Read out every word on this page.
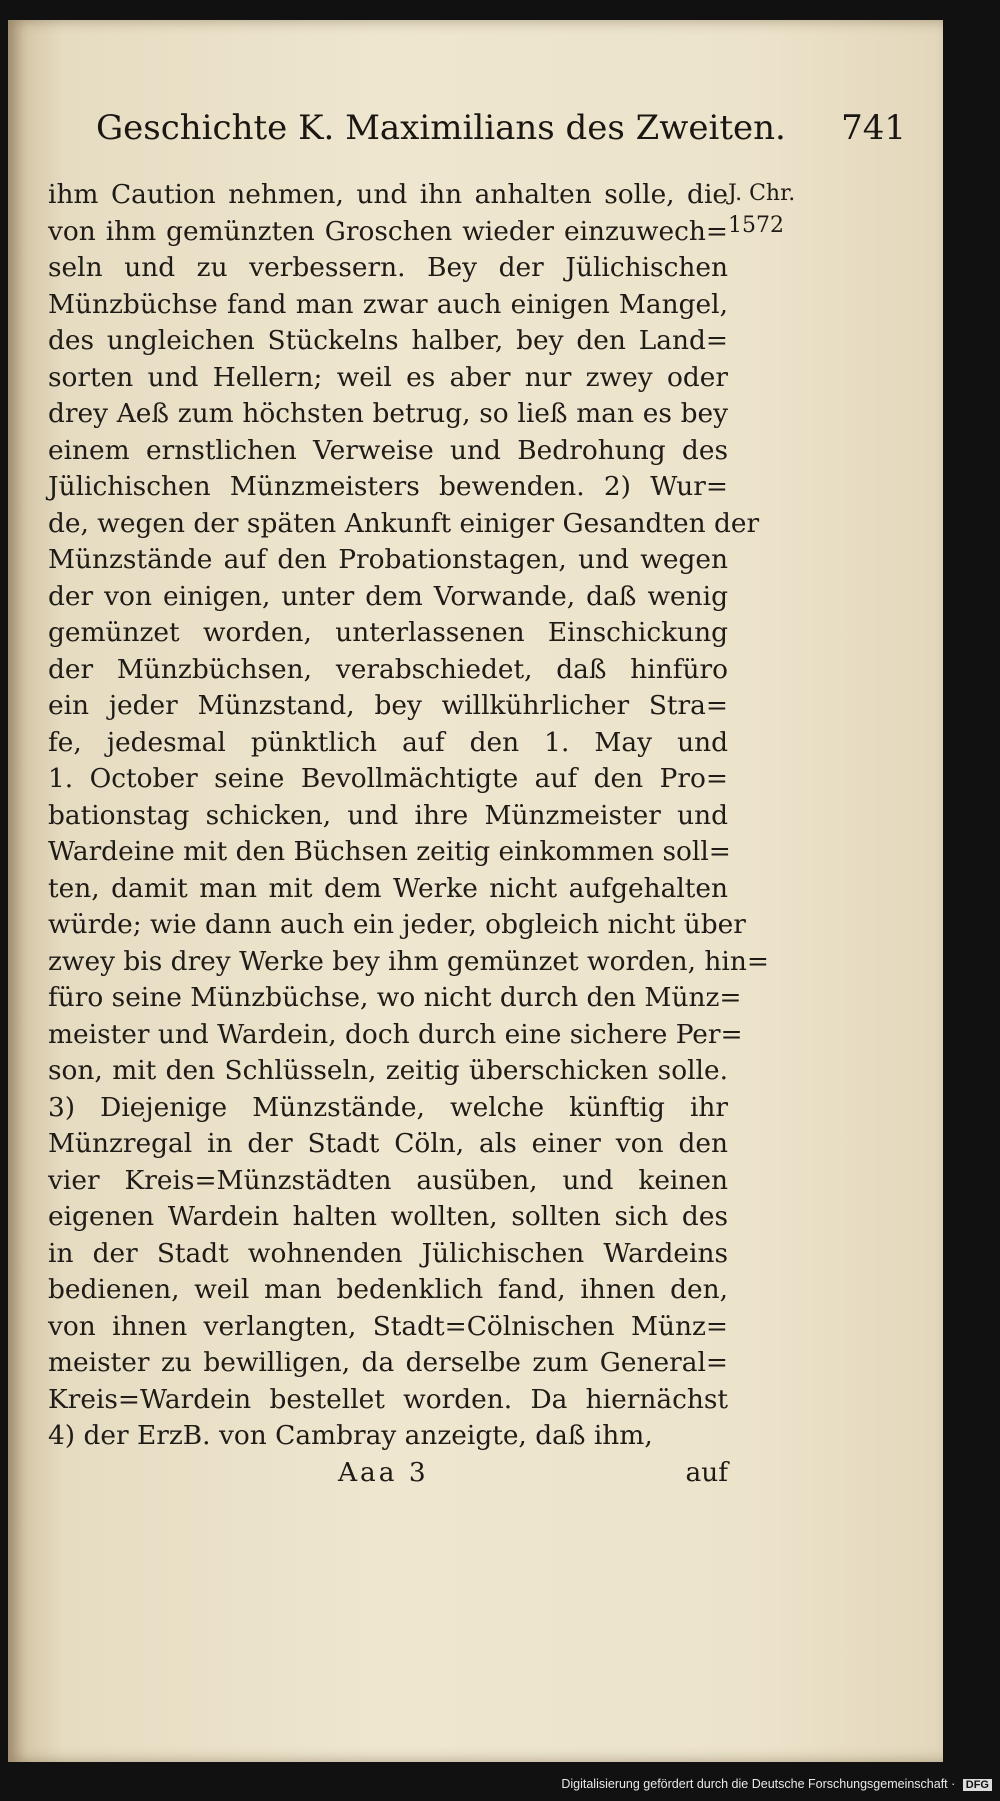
Geschichte K. Maximilians des Zweiten. 741
ihm Caution nehmen, und ihn anhalten solle, die
von ihm gemünzten Groschen wieder einzuwech=
seln und zu verbessern. Bey der Jülichischen
Münzbüchse fand man zwar auch einigen Mangel,
des ungleichen Stückelns halber, bey den Land=
sorten und Hellern; weil es aber nur zwey oder
drey Aeß zum höchsten betrug, so ließ man es bey
einem ernstlichen Verweise und Bedrohung des
Jülichischen Münzmeisters bewenden. 2) Wur=
de, wegen der späten Ankunft einiger Gesandten der
Münzstände auf den Probationstagen, und wegen
der von einigen, unter dem Vorwande, daß wenig
gemünzet worden, unterlassenen Einschickung
der Münzbüchsen, verabschiedet, daß hinfüro
ein jeder Münzstand, bey willkührlicher Stra=
fe, jedesmal pünktlich auf den 1. May und
1. October seine Bevollmächtigte auf den Pro=
bationstag schicken, und ihre Münzmeister und
Wardeine mit den Büchsen zeitig einkommen soll=
ten, damit man mit dem Werke nicht aufgehalten
würde; wie dann auch ein jeder, obgleich nicht über
zwey bis drey Werke bey ihm gemünzet worden, hin=
füro seine Münzbüchse, wo nicht durch den Münz=
meister und Wardein, doch durch eine sichere Per=
son, mit den Schlüsseln, zeitig überschicken solle.
3) Diejenige Münzstände, welche künftig ihr
Münzregal in der Stadt Cöln, als einer von den
vier Kreis=Münzstädten ausüben, und keinen
eigenen Wardein halten wollten, sollten sich des
in der Stadt wohnenden Jülichischen Wardeins
bedienen, weil man bedenklich fand, ihnen den,
von ihnen verlangten, Stadt=Cölnischen Münz=
meister zu bewilligen, da derselbe zum General=
Kreis=Wardein bestellet worden. Da hiernächst
4) der ErzB. von Cambray anzeigte, daß ihm,
J. Chr.
1572
Aaa 3	auf
Digitalisierung gefördert durch die Deutsche Forschungsgemeinschaft · DFG
